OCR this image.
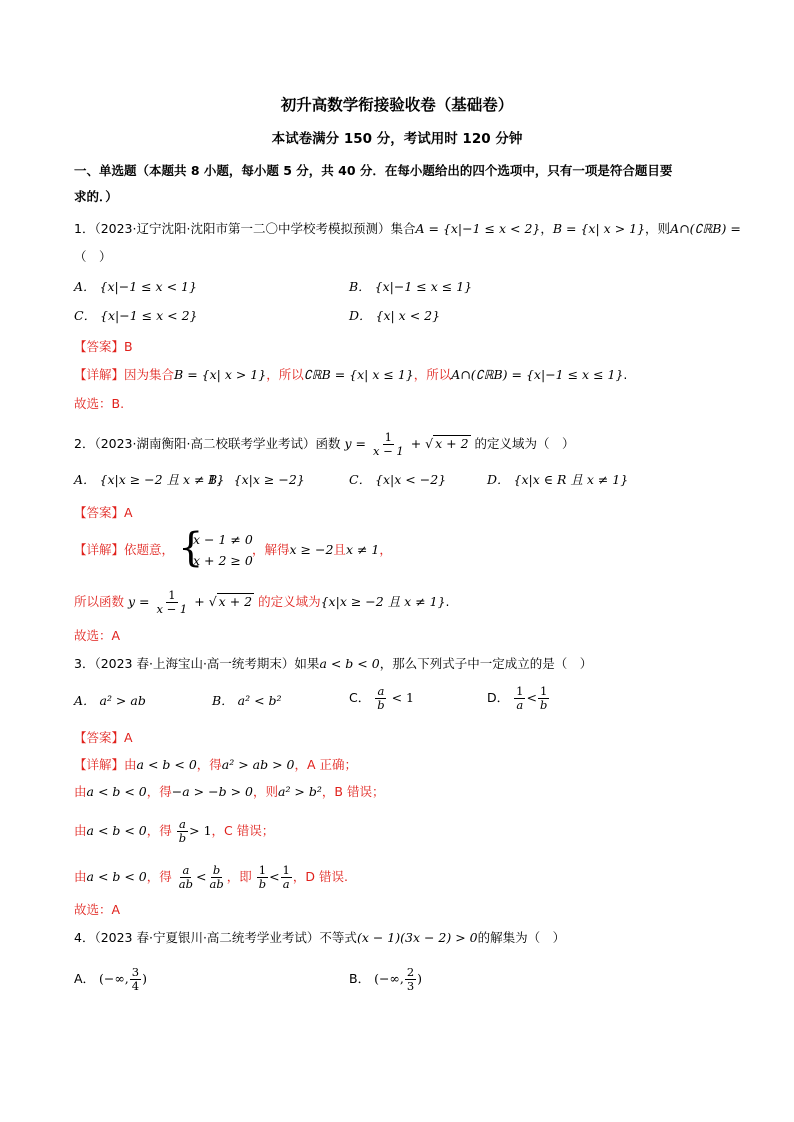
初升高数学衔接验收卷（基础卷）
本试卷满分 150 分，考试用时 120 分钟
一、单选题（本题共 8 小题，每小题 5 分，共 40 分．在每小题给出的四个选项中，只有一项是符合题目要
求的．）
1．（2023·辽宁沈阳·沈阳市第一二〇中学校考模拟预测）集合A = {x|−1 ≤ x < 2}，B = {x| x > 1}，则A∩(∁ℝB) =
（　）
A． {x|−1 ≤ x < 1}	B． {x|−1 ≤ x ≤ 1}
C． {x|−1 ≤ x < 2}	D． {x| x < 2}
【答案】B
【详解】因为集合B = {x| x > 1}，所以∁ℝB = {x| x ≤ 1}，所以A∩(∁ℝB) = {x|−1 ≤ x ≤ 1}.
故选：B.
2．（2023·湖南衡阳·高二校联考学业考试）函数 $y = \frac{1}{x - 1}$ + √ x + 2 的定义域为（　）
A． {x|x ≥ −2 且 x ≠ 1}
B． {x|x ≥ −2}	C． {x|x < −2}	D． {x|x ∈ R 且 x ≠ 1}
【答案】A
【详解】依题意， {
x − 1 ≠ 0
x + 2 ≥ 0
，解得x ≥ −2且x ≠ 1，
所以函数 $y = \frac{1}{x - 1}$ + √ x + 2 的定义域为{x|x ≥ −2 且 x ≠ 1}.
故选：A
3．（2023 春·上海宝山·高一统考期末）如果a < b < 0，那么下列式子中一定成立的是（　）
A． a² > ab	B． a² < b²	C． $\frac{a}{b} < 1$	D． $\frac{1}{a} < \frac{1}{b}$
【答案】A
【详解】由a < b < 0，得a² > ab > 0，A 正确；
由a < b < 0，得−a > −b > 0，则a² > b²，B 错误；
由a < b < 0，得 $\frac{a}{b} > 1$，C 错误；
由a < b < 0，得 $\frac{a}{ab} < \frac{b}{ab}$ ，即 $\frac{1}{b} < \frac{1}{a}$ ，D 错误.
故选：A
4．（2023 春·宁夏银川·高二统考学业考试）不等式(x − 1)(3x − 2) > 0的解集为（　）
A． (−∞, $\frac{3}{4}$ )	B． (−∞, $\frac{2}{3}$ )
